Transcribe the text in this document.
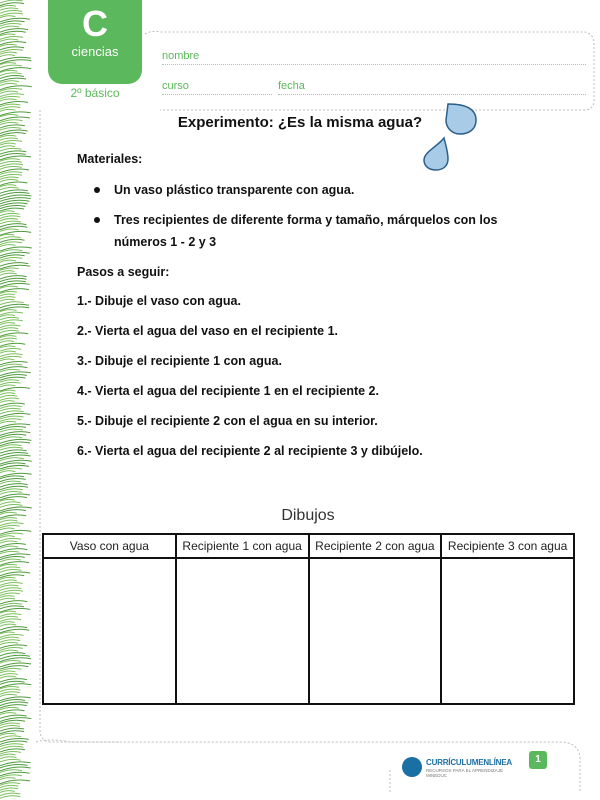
C
ciencias
2º básico
nombre
curso	fecha
Experimento: ¿Es la misma agua?
Materiales:
Un vaso plástico transparente con agua.
Tres recipientes de diferente forma y tamaño, márquelos con los números 1 - 2 y 3
Pasos a seguir:
1.- Dibuje el vaso con agua.
2.- Vierta el agua del vaso en el recipiente 1.
3.- Dibuje el recipiente 1 con agua.
4.- Vierta el agua del recipiente 1 en el recipiente 2.
5.- Dibuje el recipiente 2 con el agua en su interior.
6.- Vierta el agua del recipiente 2 al recipiente 3 y dibújelo.
Dibujos
Vaso con agua	Recipiente 1 con agua	Recipiente 2 con agua	Recipiente 3 con agua

CURRÍCULUMENLÍNEA
RECURSOS PARA EL APRENDIZAJE MINEDUC
1
